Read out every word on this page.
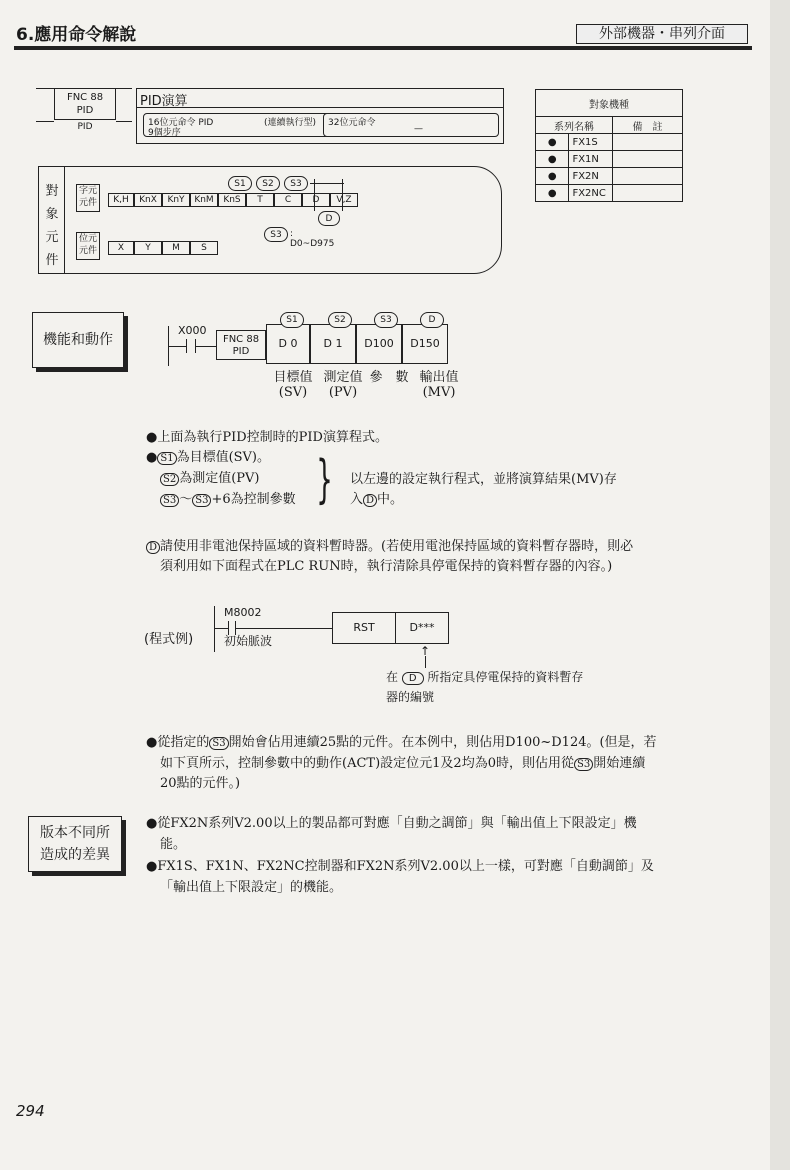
6.應用命令解說	外部機器・串列介面
FNC 88
PID
PID
PID演算
16位元命令 PID	(連續執行型)
9個步序
32位元命令
—
對象機種		
系列名稱		備　註
●	FX1S	
●	FX1N	
●	FX2N	
●	FX2NC	
對
象
元
件
字元
元件
位元
元件
S1	S2	S3
D
S3 : D0~D975
K,H	KnX	KnY	KnM	KnS	T	C	D	V,Z
X	Y	M	S
機能和動作
X000
FNC 88
PID
D 0	D 1	D100	D150
S1	S2	S3	D
目標值
(SV)
測定值
(PV)
參　數 輸出值
(MV)
●上面為執行PID控制時的PID演算程式。
● S1 為目標值(SV)。
S2 為測定值(PV)
S3 ～ S3 +6為控制參數 } 以左邊的設定執行程式，並將演算結果(MV)存
入 D 中。
D 請使用非電池保持區域的資料暫時器。(若使用電池保持區域的資料暫存器時，則必
須利用如下面程式在PLC RUN時，執行清除具停電保持的資料暫存器的內容。)
(程式例)
M8002
初始脈波
RST	D***
↑
在 D 所指定具停電保持的資料暫存
器的編號
●從指定的 S3 開始會佔用連續25點的元件。在本例中，則佔用D100~D124。(但是，若
如下頁所示，控制參數中的動作(ACT)設定位元1及2均為0時，則佔用從 S3 開始連續
20點的元件。)
版本不同所
造成的差異
●從FX2N系列V2.00以上的製品都可對應「自動之調節」與「輸出值上下限設定」機
能。
●FX1S、FX1N、FX2NC控制器和FX2N系列V2.00以上一樣，可對應「自動調節」及
「輸出值上下限設定」的機能。
294
